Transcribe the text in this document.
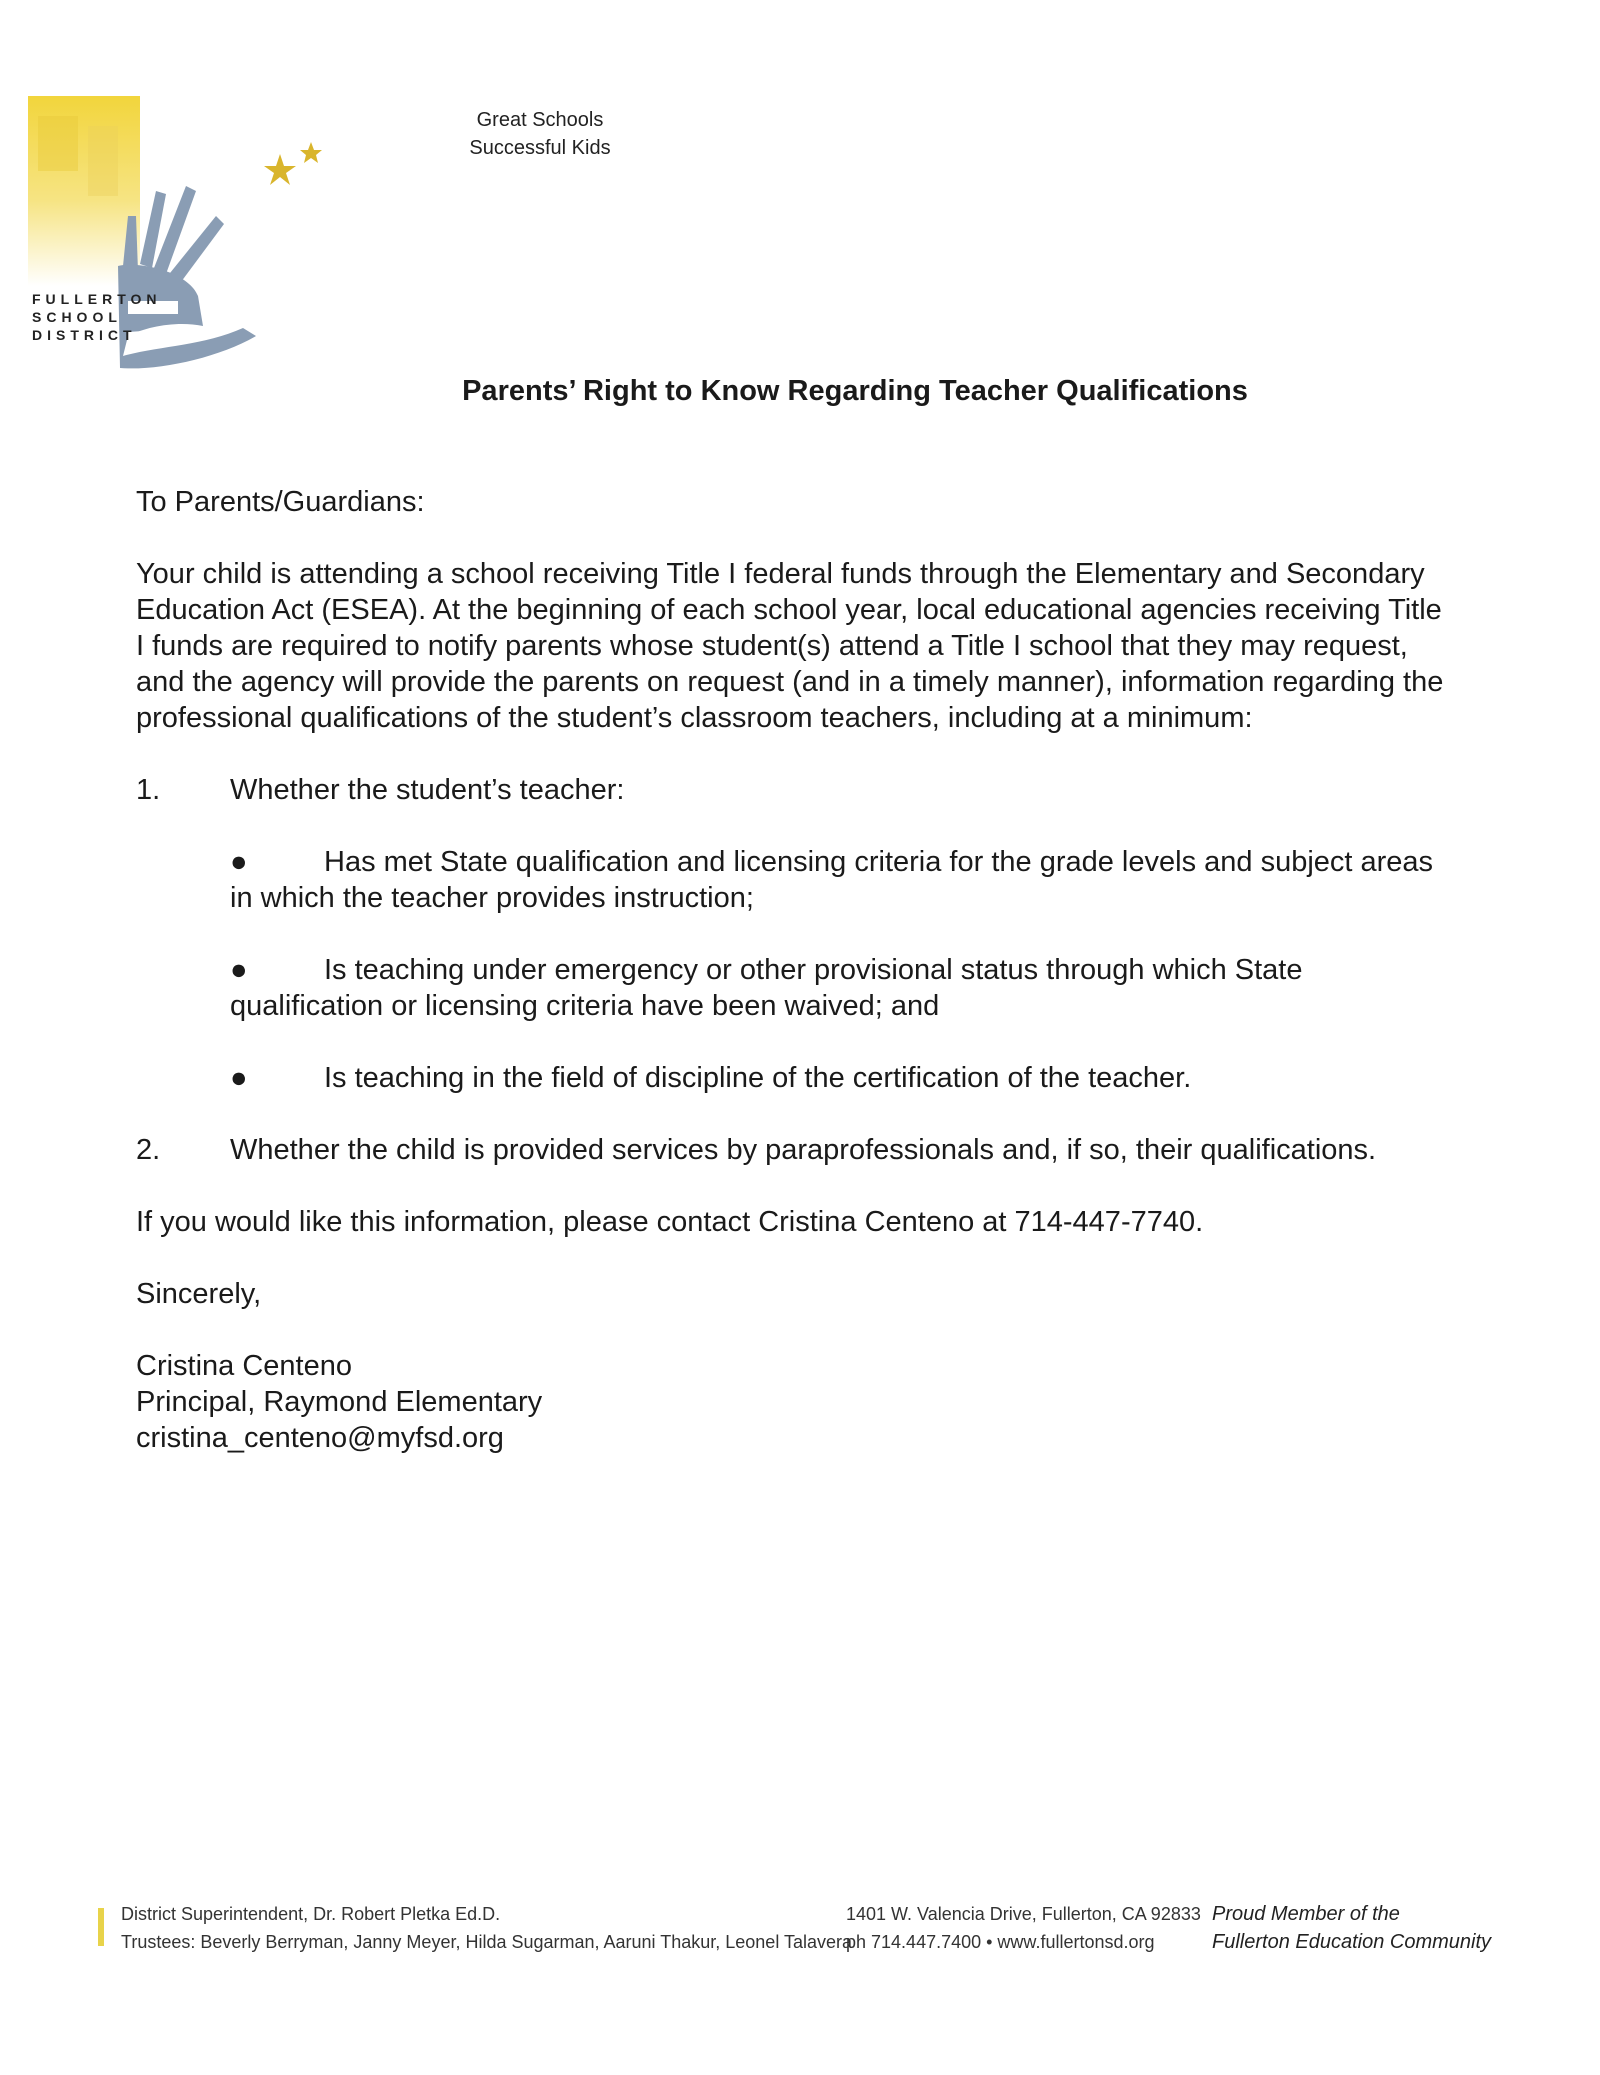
FULLERTON
SCHOOL
DISTRICT
Great Schools
Successful Kids
Parents’ Right to Know Regarding Teacher Qualifications

To Parents/Guardians:

Your child is attending a school receiving Title I federal funds through the Elementary and Secondary Education Act (ESEA). At the beginning of each school year, local educational agencies receiving Title I funds are required to notify parents whose student(s) attend a Title I school that they may request, and the agency will provide the parents on request (and in a timely manner), information regarding the professional qualifications of the student’s classroom teachers, including at a minimum:

1. Whether the student’s teacher:

●	Has met State qualification and licensing criteria for the grade levels and subject areas in which the teacher provides instruction;

●	Is teaching under emergency or other provisional status through which State qualification or licensing criteria have been waived; and

●	Is teaching in the field of discipline of the certification of the teacher.

2. Whether the child is provided services by paraprofessionals and, if so, their qualifications.

If you would like this information, please contact Cristina Centeno at 714-447-7740.

Sincerely,

Cristina Centeno
Principal, Raymond Elementary
cristina_centeno@myfsd.org

District Superintendent, Dr. Robert Pletka Ed.D.
Trustees: Beverly Berryman, Janny Meyer, Hilda Sugarman, Aaruni Thakur, Leonel Talavera
1401 W. Valencia Drive, Fullerton, CA 92833
ph 714.447.7400 • www.fullertonsd.org
Proud Member of the
Fullerton Education Community
